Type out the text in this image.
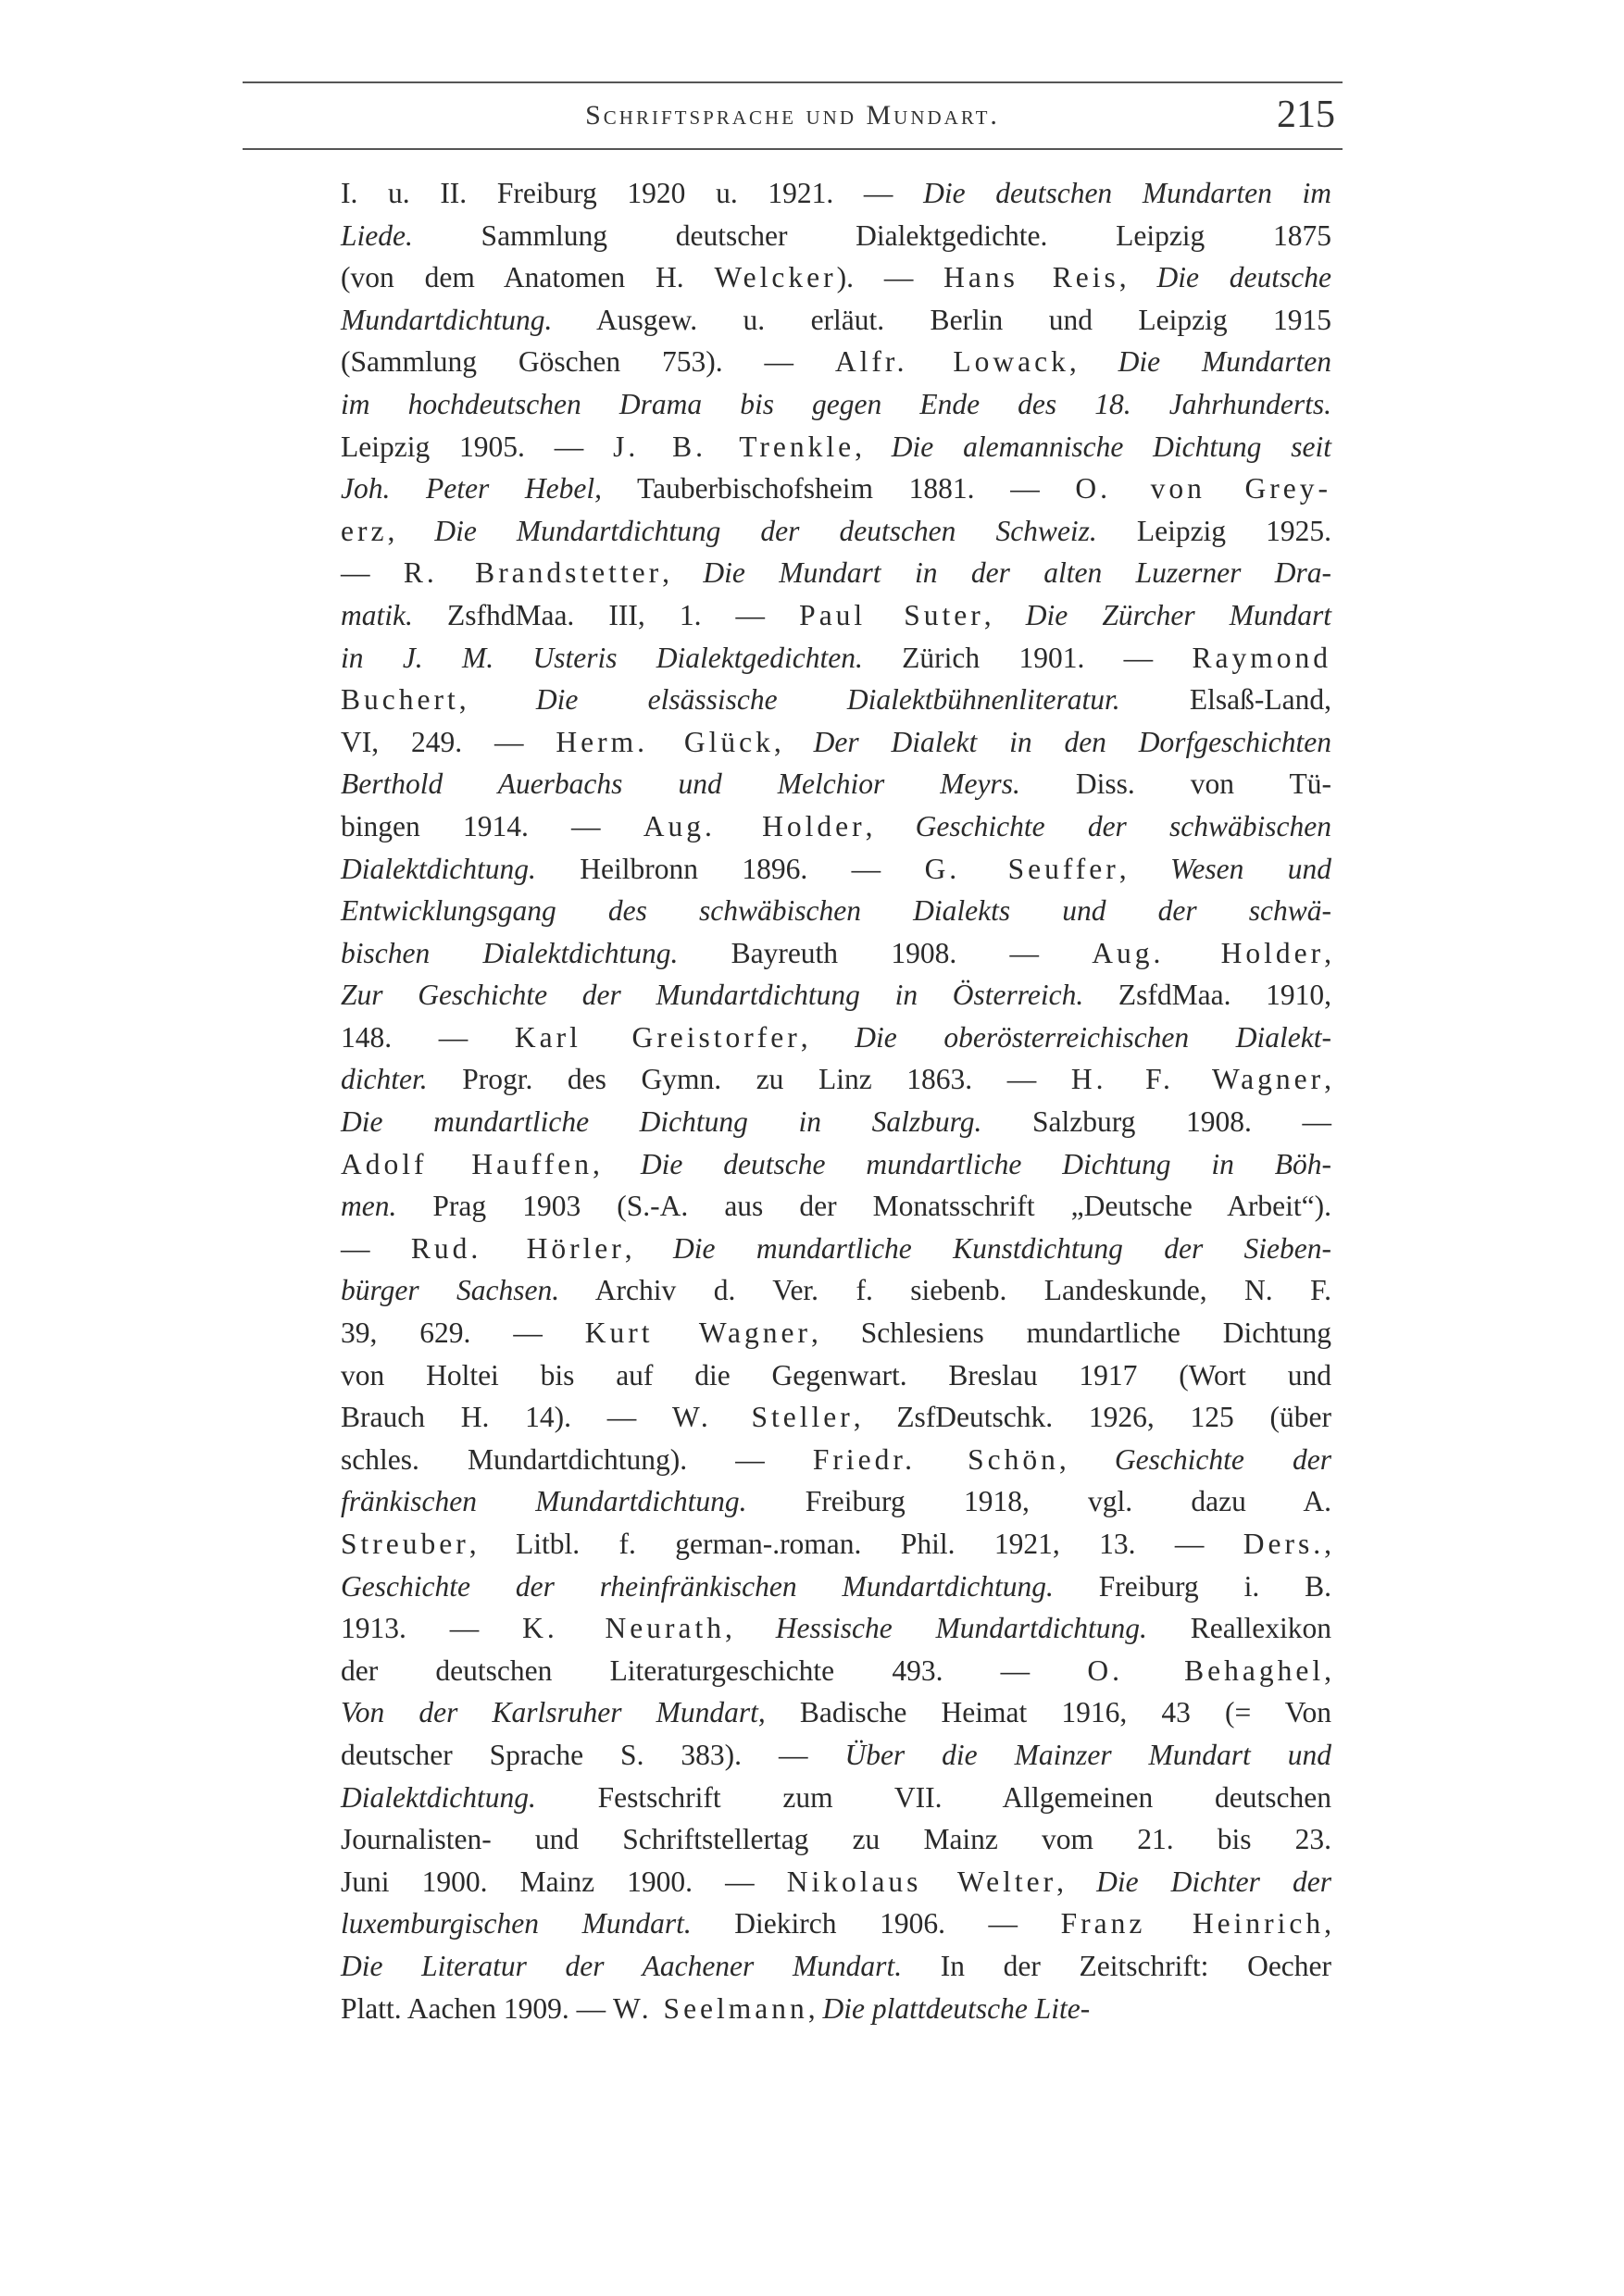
Schriftsprache und Mundart.	215
I. u. II. Freiburg 1920 u. 1921. — Die deutschen Mundarten im
Liede. Sammlung deutscher Dialektgedichte. Leipzig 1875
(von dem Anatomen H. Welcker). — Hans Reis, Die deutsche
Mundartdichtung. Ausgew. u. erläut. Berlin und Leipzig 1915
(Sammlung Göschen 753). — Alfr. Lowack, Die Mundarten
im hochdeutschen Drama bis gegen Ende des 18. Jahrhunderts.
Leipzig 1905. — J. B. Trenkle, Die alemannische Dichtung seit
Joh. Peter Hebel, Tauberbischofsheim 1881. — O. von Grey-
erz, Die Mundartdichtung der deutschen Schweiz. Leipzig 1925.
— R. Brandstetter, Die Mundart in der alten Luzerner Dra-
matik. ZsfhdMaa. III, 1. — Paul Suter, Die Zürcher Mundart
in J. M. Usteris Dialektgedichten. Zürich 1901. — Raymond
Buchert, Die elsässische Dialektbühnenliteratur. Elsaß-Land,
VI, 249. — Herm. Glück, Der Dialekt in den Dorfgeschichten
Berthold Auerbachs und Melchior Meyrs. Diss. von Tü-
bingen 1914. — Aug. Holder, Geschichte der schwäbischen
Dialektdichtung. Heilbronn 1896. — G. Seuffer, Wesen und
Entwicklungsgang des schwäbischen Dialekts und der schwä-
bischen Dialektdichtung. Bayreuth 1908. — Aug. Holder,
Zur Geschichte der Mundartdichtung in Österreich. ZsfdMaa. 1910,
148. — Karl Greistorfer, Die oberösterreichischen Dialekt-
dichter. Progr. des Gymn. zu Linz 1863. — H. F. Wagner,
Die mundartliche Dichtung in Salzburg. Salzburg 1908. —
Adolf Hauffen, Die deutsche mundartliche Dichtung in Böh-
men. Prag 1903 (S.-A. aus der Monatsschrift „Deutsche Arbeit“).
— Rud. Hörler, Die mundartliche Kunstdichtung der Sieben-
bürger Sachsen. Archiv d. Ver. f. siebenb. Landeskunde, N. F.
39, 629. — Kurt Wagner, Schlesiens mundartliche Dichtung
von Holtei bis auf die Gegenwart. Breslau 1917 (Wort und
Brauch H. 14). — W. Steller, ZsfDeutschk. 1926, 125 (über
schles. Mundartdichtung). — Friedr. Schön, Geschichte der
fränkischen Mundartdichtung. Freiburg 1918, vgl. dazu A.
Streuber, Litbl. f. german-.roman. Phil. 1921, 13. — Ders.,
Geschichte der rheinfränkischen Mundartdichtung. Freiburg i. B.
1913. — K. Neurath, Hessische Mundartdichtung. Reallexikon
der deutschen Literaturgeschichte 493. — O. Behaghel,
Von der Karlsruher Mundart, Badische Heimat 1916, 43 (= Von
deutscher Sprache S. 383). — Über die Mainzer Mundart und
Dialektdichtung. Festschrift zum VII. Allgemeinen deutschen
Journalisten- und Schriftstellertag zu Mainz vom 21. bis 23.
Juni 1900. Mainz 1900. — Nikolaus Welter, Die Dichter der
luxemburgischen Mundart. Diekirch 1906. — Franz Heinrich,
Die Literatur der Aachener Mundart. In der Zeitschrift: Oecher
Platt. Aachen 1909. — W. Seelmann, Die plattdeutsche Lite-
